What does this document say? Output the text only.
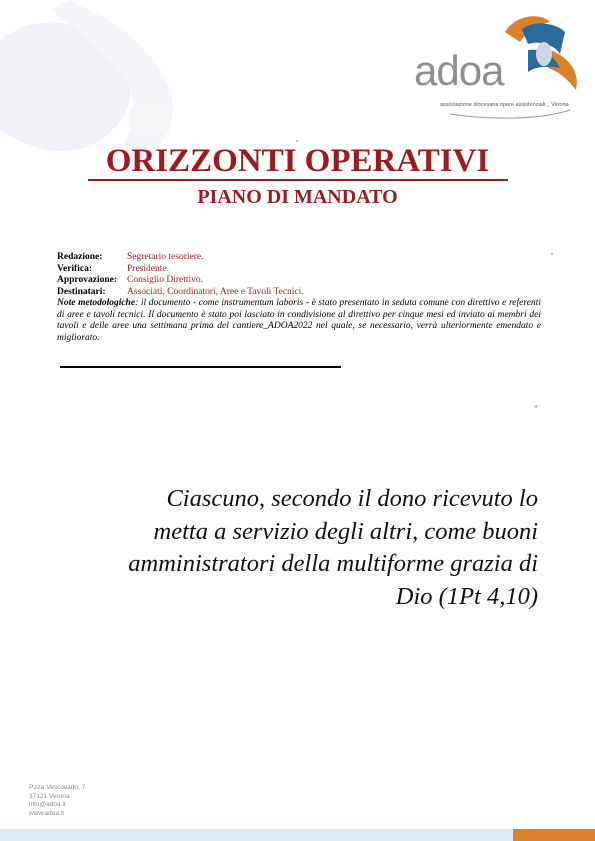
adoa
associazione diocesana opere assistenziali _ Verona
ORIZZONTI OPERATIVI
PIANO DI MANDATO
Redazione:	Segretario tesoriere.
Verifica:	Presidente.
Approvazione:	Consiglio Direttivo.
Destinatari:	Associati, Coordinatori, Aree e Tavoli Tecnici.
Note metodologiche: il documento - come instrumentum laboris - è stato presentato in seduta comune con direttivo e referenti di aree e tavoli tecnici. Il documento è stato poi lasciato in condivisione al direttivo per cinque mesi ed inviato ai membri dei tavoli e delle aree una settimana prima del cantiere_ADOA2022 nel quale, se necessario, verrà ulteriormente emendato e migliorato.
"
Ciascuno, secondo il dono ricevuto lo
metta a servizio degli altri, come buoni
amministratori della multiforme grazia di
Dio (1Pt 4,10)
P.zza Vescovado, 7
37121 Verona
info@adoa.it
www.adoa.it
